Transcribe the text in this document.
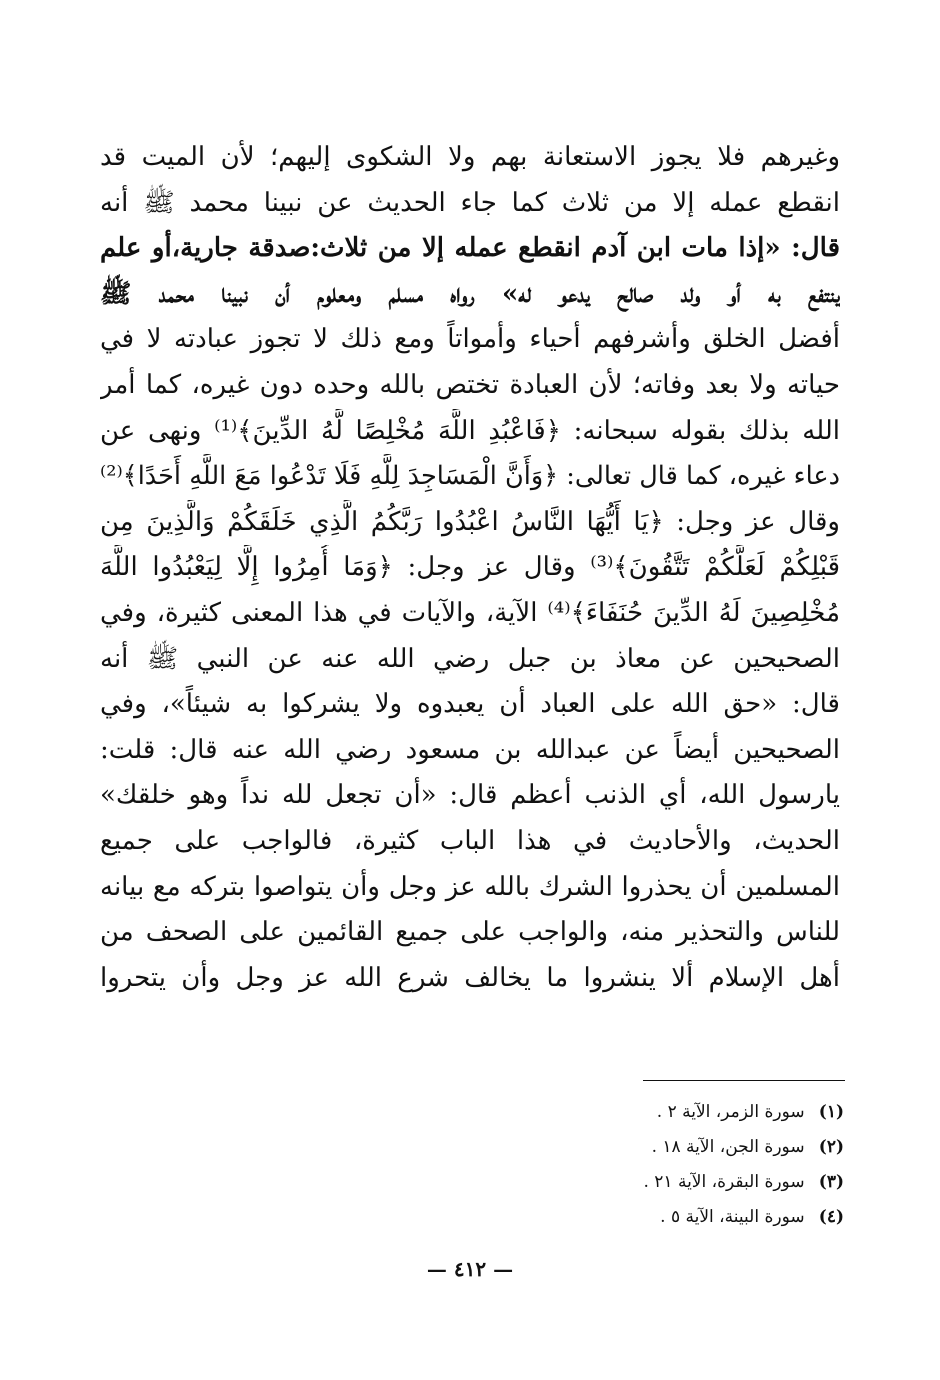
وغيرهم فلا يجوز الاستعانة بهم ولا الشكوى إليهم؛ لأن الميت قد
انقطع عمله إلا من ثلاث كما جاء الحديث عن نبينا محمد ﷺ أنه
قال: «إذا مات ابن آدم انقطع عمله إلا من ثلاث:صدقة جارية،أو علم
ينتفع به أو ولد صالح يدعو له» رواه مسلم ومعلوم أن نبينا محمد ﷺ
أفضل الخلق وأشرفهم أحياء وأمواتاً ومع ذلك لا تجوز عبادته لا في
حياته ولا بعد وفاته؛ لأن العبادة تختص بالله وحده دون غيره، كما أمر
الله بذلك بقوله سبحانه: ﴿فَاعْبُدِ اللَّهَ مُخْلِصًا لَّهُ الدِّينَ﴾⁽¹⁾ ونهى عن
دعاء غيره، كما قال تعالى: ﴿وَأَنَّ الْمَسَاجِدَ لِلَّهِ فَلَا تَدْعُوا مَعَ اللَّهِ أَحَدًا﴾⁽²⁾
وقال عز وجل: ﴿يَا أَيُّهَا النَّاسُ اعْبُدُوا رَبَّكُمُ الَّذِي خَلَقَكُمْ وَالَّذِينَ مِن
قَبْلِكُمْ لَعَلَّكُمْ تَتَّقُونَ﴾⁽³⁾ وقال عز وجل: ﴿وَمَا أُمِرُوا إِلَّا لِيَعْبُدُوا اللَّهَ
مُخْلِصِينَ لَهُ الدِّينَ حُنَفَاءَ﴾⁽⁴⁾ الآية، والآيات في هذا المعنى كثيرة، وفي
الصحيحين عن معاذ بن جبل رضي الله عنه عن النبي ﷺ أنه
قال: «حق الله على العباد أن يعبدوه ولا يشركوا به شيئاً»، وفي
الصحيحين أيضاً عن عبدالله بن مسعود رضي الله عنه قال: قلت:
يارسول الله، أي الذنب أعظم قال: «أن تجعل لله نداً وهو خلقك»
الحديث، والأحاديث في هذا الباب كثيرة، فالواجب على جميع
المسلمين أن يحذروا الشرك بالله عز وجل وأن يتواصوا بتركه مع بيانه
للناس والتحذير منه، والواجب على جميع القائمين على الصحف من
أهل الإسلام ألا ينشروا ما يخالف شرع الله عز وجل وأن يتحروا
(١) سورة الزمر، الآية ٢ .
(٢) سورة الجن، الآية ١٨ .
(٣) سورة البقرة، الآية ٢١ .
(٤) سورة البينة، الآية ٥ .
— ٤١٢ —
